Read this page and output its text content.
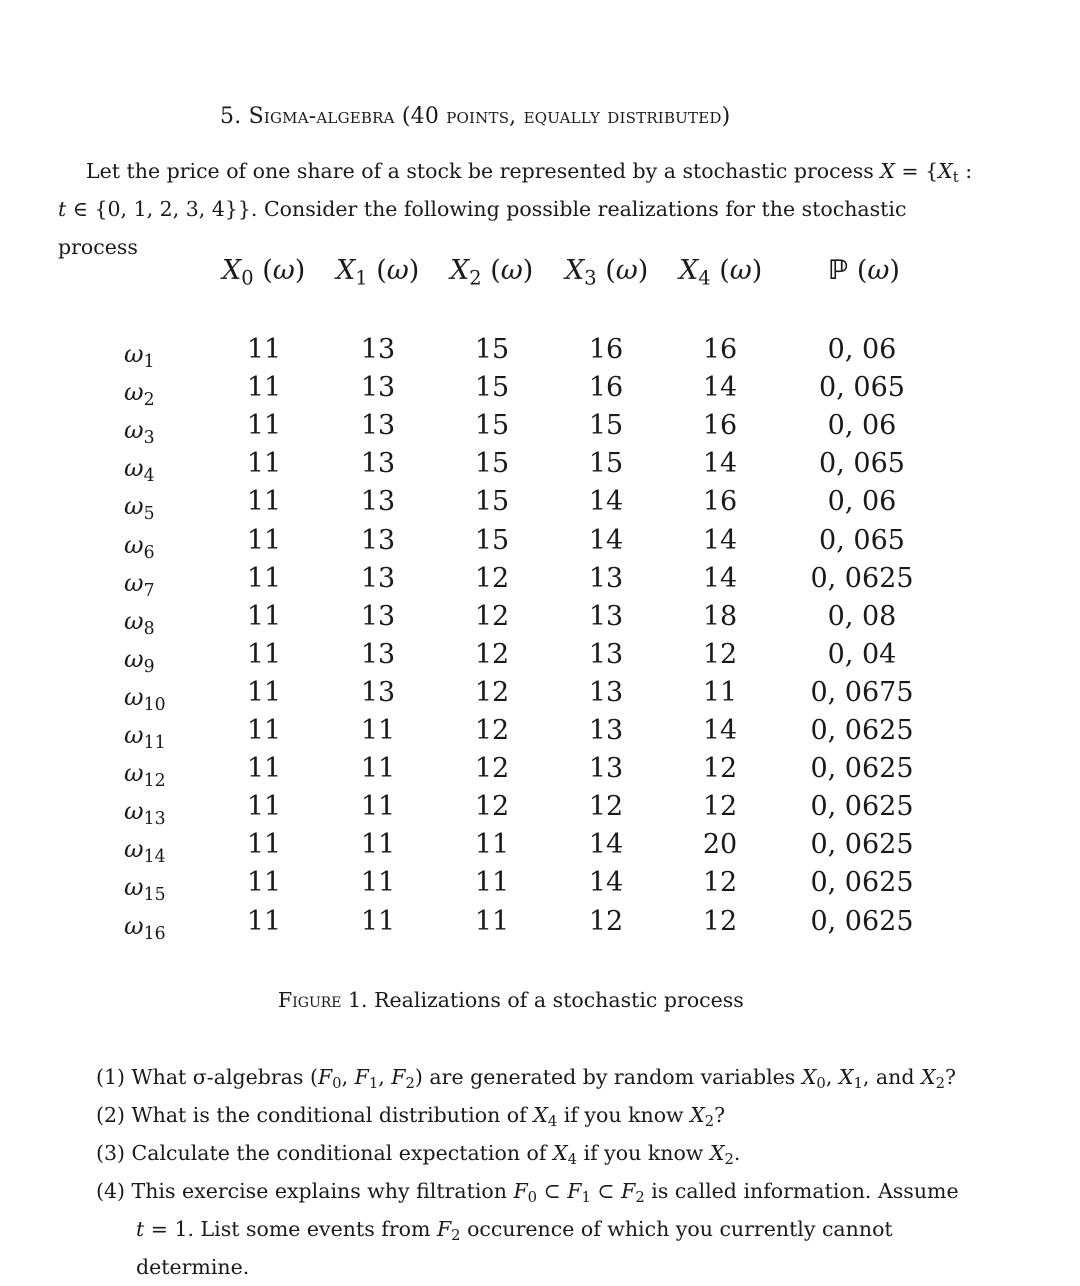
5. Sigma-algebra (40 points, equally distributed)
Let the price of one share of a stock be represented by a stochastic process $X = \{X_t$ :
t ∈ {0, 1, 2, 3, 4}}. Consider the following possible realizations for the stochastic process
$X_0$ (ω) $X_1$ (ω) $X_2$ (ω) $X_3$ (ω) $X_4$ (ω) ℙ (ω)
$\omega_1$	11	13	15	16	16	0, 06
$\omega_2$	11	13	15	16	14	0, 065
$\omega_3$	11	13	15	15	16	0, 06
$\omega_4$	11	13	15	15	14	0, 065
$\omega_5$	11	13	15	14	16	0, 06
$\omega_6$	11	13	15	14	14	0, 065
$\omega_7$	11	13	12	13	14	0, 0625
$\omega_8$	11	13	12	13	18	0, 08
$\omega_9$	11	13	12	13	12	0, 04
$\omega_{10}$	11	13	12	13	11	0, 0675
$\omega_{11}$	11	11	12	13	14	0, 0625
$\omega_{12}$	11	11	12	13	12	0, 0625
$\omega_{13}$	11	11	12	12	12	0, 0625
$\omega_{14}$	11	11	11	14	20	0, 0625
$\omega_{15}$	11	11	11	14	12	0, 0625
$\omega_{16}$	11	11	11	12	12	0, 0625
Figure 1. Realizations of a stochastic process
(1) What σ-algebras ($F_0$, $F_1$, $F_2$) are generated by random variables $X_0$, $X_1$, and $X_2$?
(2) What is the conditional distribution of $X_4$ if you know $X_2$?
(3) Calculate the conditional expectation of $X_4$ if you know $X_2$.
(4) This exercise explains why filtration $F_0$ ⊂ $F_1$ ⊂ $F_2$ is called information. Assume
t = 1. List some events from $F_2$ occurence of which you currently cannot determine.
